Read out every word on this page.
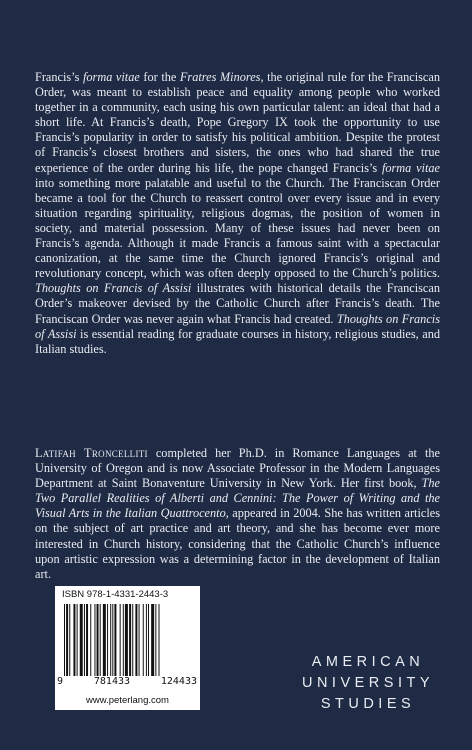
Francis’s forma vitae for the Fratres Minores, the original rule for the Franciscan Order, was meant to establish peace and equality among people who worked together in a community, each using his own particular talent: an ideal that had a short life. At Francis’s death, Pope Gregory IX took the opportunity to use Francis’s popularity in order to satisfy his political ambition. Despite the protest of Francis’s closest brothers and sisters, the ones who had shared the true experience of the order during his life, the pope changed Francis’s forma vitae into something more palatable and useful to the Church. The Franciscan Order became a tool for the Church to reassert control over every issue and in every situation regarding spirituality, religious dogmas, the position of women in society, and material possession. Many of these issues had never been on Francis’s agenda. Although it made Francis a famous saint with a spectacular canonization, at the same time the Church ignored Francis’s original and revolutionary concept, which was often deeply opposed to the Church’s politics. Thoughts on Francis of Assisi illustrates with historical details the Franciscan Order’s makeover devised by the Catholic Church after Francis’s death. The Franciscan Order was never again what Francis had created. Thoughts on Francis of Assisi is essential reading for graduate courses in history, religious studies, and Italian studies.

Latifah Troncelliti completed her Ph.D. in Romance Languages at the University of Oregon and is now Associate Professor in the Modern Languages Department at Saint Bonaventure University in New York. Her first book, The Two Parallel Realities of Alberti and Cennini: The Power of Writing and the Visual Arts in the Italian Quattrocento, appeared in 2004. She has written articles on the subject of art practice and art theory, and she has become ever more interested in Church history, considering that the Catholic Church’s influence upon artistic expression was a determining factor in the development of Italian art.

ISBN 978-1-4331-2443-3
9	781433	124433
www.peterlang.com
AMERICAN
UNIVERSITY
STUDIES
